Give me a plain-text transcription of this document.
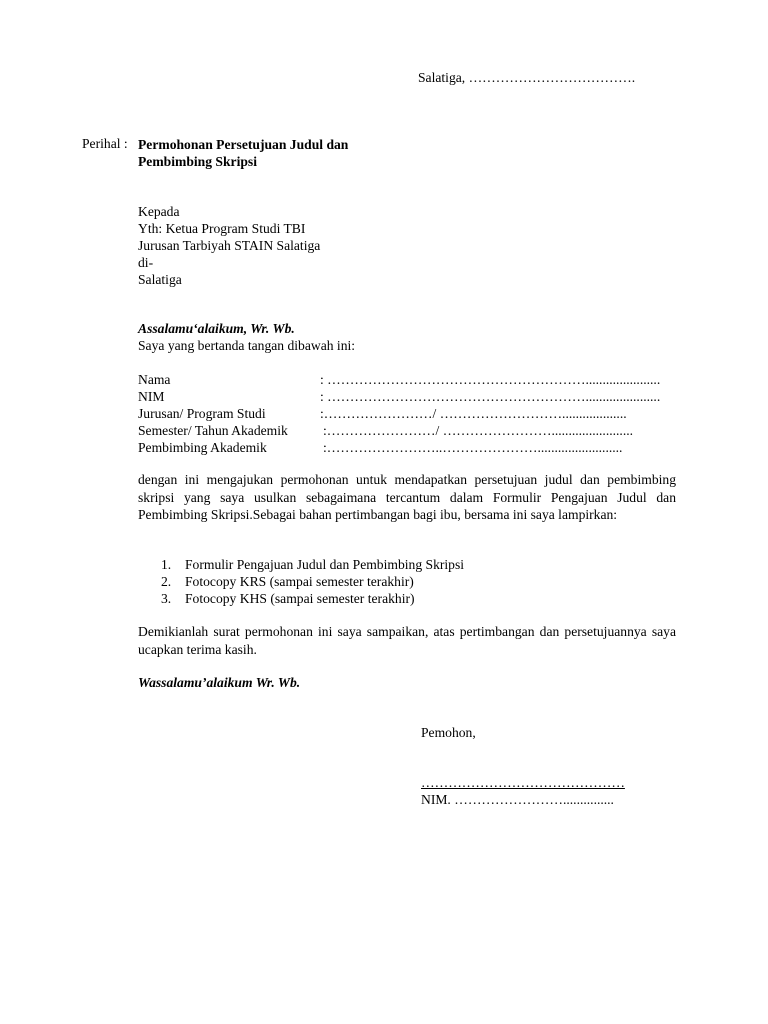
Salatiga, ……………………………….
Perihal : Permohonan Persetujuan Judul dan
Pembimbing Skripsi
Kepada
Yth: Ketua Program Studi TBI
Jurusan Tarbiyah STAIN Salatiga
di-
Salatiga
Assalamu‘alaikum, Wr. Wb.
Saya yang bertanda tangan dibawah ini:
Nama	: …………………………………………………......................
NIM	: …………………………………………………......................
Jurusan/ Program Studi	:……………………/ ………………………...................
Semester/ Tahun Akademik	:……………………/ ……………………........................
Pembimbing Akademik	:……………………..………………….........................
dengan ini mengajukan permohonan untuk mendapatkan persetujuan judul dan pembimbing skripsi yang saya usulkan sebagaimana tercantum dalam Formulir Pengajuan Judul dan Pembimbing Skripsi.Sebagai bahan pertimbangan bagi ibu, bersama ini saya lampirkan:
1. Formulir Pengajuan Judul dan Pembimbing Skripsi
2. Fotocopy KRS (sampai semester terakhir)
3. Fotocopy KHS (sampai semester terakhir)
Demikianlah surat permohonan ini saya sampaikan, atas pertimbangan dan persetujuannya saya ucapkan terima kasih.
Wassalamu’alaikum Wr. Wb.
Pemohon,
………………………………………
NIM. ……………………...............
